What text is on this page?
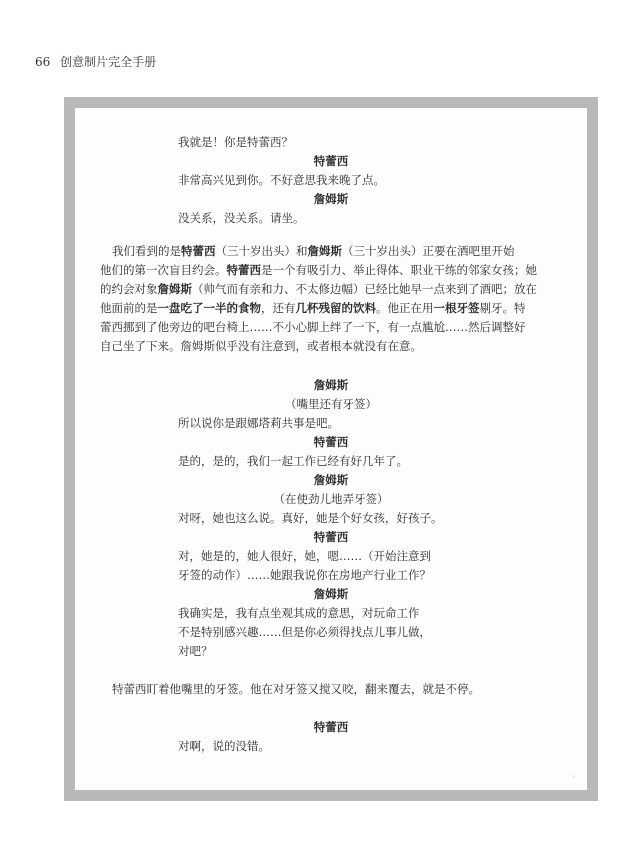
66 创意制片完全手册
我就是！你是特蕾西？
特蕾西
非常高兴见到你。不好意思我来晚了点。
詹姆斯
没关系，没关系。请坐。
我们看到的是特蕾西（三十岁出头）和詹姆斯（三十岁出头）正要在酒吧里开始
他们的第一次盲目约会。特蕾西是一个有吸引力、举止得体、职业干练的邻家女孩；她
的约会对象詹姆斯（帅气而有亲和力、不太修边幅）已经比她早一点来到了酒吧；放在
他面前的是一盘吃了一半的食物，还有几杯残留的饮料。他正在用一根牙签剔牙。特
蕾西挪到了他旁边的吧台椅上……不小心脚上绊了一下，有一点尴尬……然后调整好
自己坐了下来。詹姆斯似乎没有注意到，或者根本就没有在意。
詹姆斯
（嘴里还有牙签）
所以说你是跟娜塔莉共事是吧。
特蕾西
是的，是的，我们一起工作已经有好几年了。
詹姆斯
（在使劲儿地弄牙签）
对呀，她也这么说。真好，她是个好女孩，好孩子。
特蕾西
对，她是的，她人很好，她，嗯……（开始注意到
牙签的动作）……她跟我说你在房地产行业工作？
詹姆斯
我确实是，我有点坐观其成的意思，对玩命工作
不是特别感兴趣……但是你必须得找点儿事儿做，
对吧？
特蕾西盯着他嘴里的牙签。他在对牙签又搅又咬，翻来覆去，就是不停。
特蕾西
对啊，说的没错。
。
